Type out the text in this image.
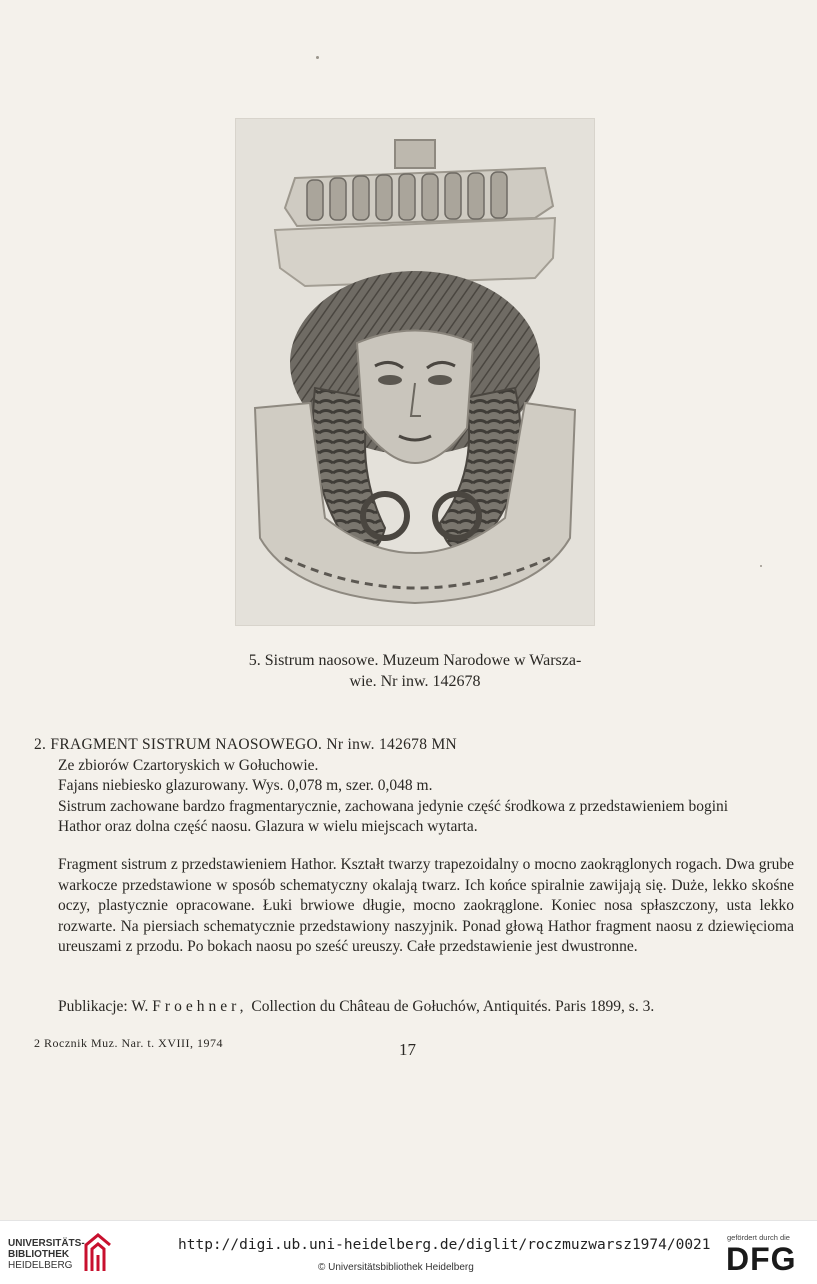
5. Sistrum naosowe. Muzeum Narodowe w Warsza-
wie. Nr inw. 142678
2. FRAGMENT SISTRUM NAOSOWEGO. Nr inw. 142678 MN
Ze zbiorów Czartoryskich w Gołuchowie.
Fajans niebiesko glazurowany. Wys. 0,078 m, szer. 0,048 m.
Sistrum zachowane bardzo fragmentarycznie, zachowana jedynie część środkowa z przedstawieniem bogini
Hathor oraz dolna część naosu. Glazura w wielu miejscach wytarta.
Fragment sistrum z przedstawieniem Hathor. Kształt twarzy trapezoidalny o mocno zaokrąglonych rogach. Dwa grube warkocze przedstawione w sposób schematyczny okalają twarz. Ich końce spiralnie zawijają się. Duże, lekko skośne oczy, plastycznie opracowane. Łuki brwiowe długie, mocno zaokrąglone. Koniec nosa spłaszczony, usta lekko rozwarte. Na piersiach schematycznie przedstawiony naszyjnik. Ponad głową Hathor fragment naosu z dziewięcioma ureuszami z przodu. Po bokach naosu po sześć ureuszy. Całe przedstawienie jest dwustronne.
Publikacje: W. Froehner, Collection du Château de Gołuchów, Antiquités. Paris 1899, s. 3.
2 Rocznik Muz. Nar. t. XVIII, 1974	17
UNIVERSITÄTS-
BIBLIOTHEK
HEIDELBERG
http://digi.ub.uni-heidelberg.de/diglit/roczmuzwarsz1974/0021
© Universitätsbibliothek Heidelberg
gefördert durch die
DFG
